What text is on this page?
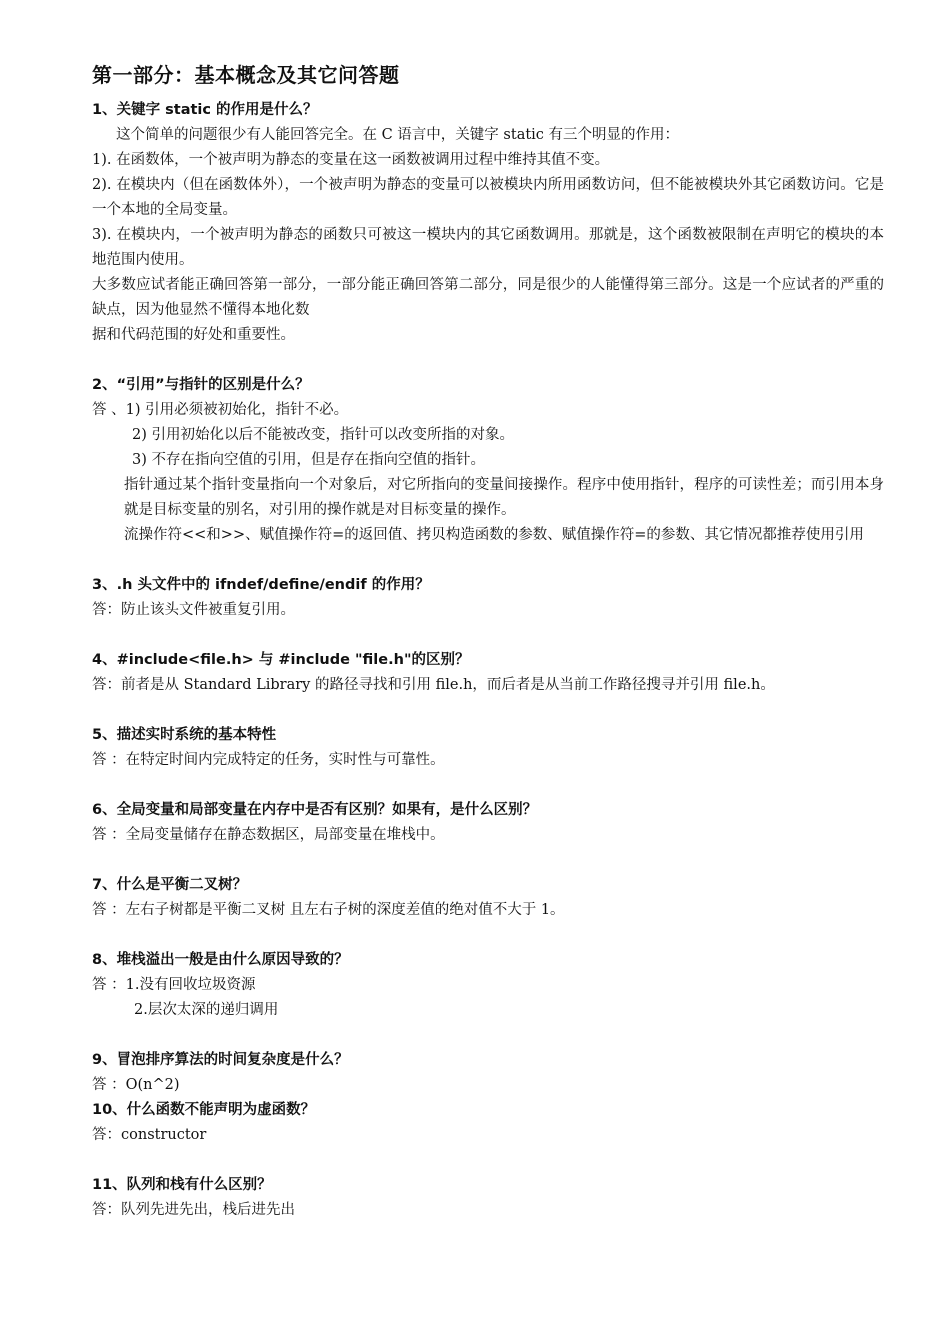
第一部分：基本概念及其它问答题

1、关键字 static 的作用是什么？

这个简单的问题很少有人能回答完全。在 C 语言中，关键字 static 有三个明显的作用：

1). 在函数体，一个被声明为静态的变量在这一函数被调用过程中维持其值不变。

2). 在模块内（但在函数体外），一个被声明为静态的变量可以被模块内所用函数访问，但不能被模块外其它函数访问。它是一个本地的全局变量。

3). 在模块内，一个被声明为静态的函数只可被这一模块内的其它函数调用。那就是，这个函数被限制在声明它的模块的本地范围内使用。

大多数应试者能正确回答第一部分，一部分能正确回答第二部分，同是很少的人能懂得第三部分。这是一个应试者的严重的缺点，因为他显然不懂得本地化数

据和代码范围的好处和重要性。

2、“引用”与指针的区别是什么？

答 、1) 引用必须被初始化，指针不必。

2) 引用初始化以后不能被改变，指针可以改变所指的对象。

3) 不存在指向空值的引用，但是存在指向空值的指针。

指针通过某个指针变量指向一个对象后，对它所指向的变量间接操作。程序中使用指针，程序的可读性差；而引用本身就是目标变量的别名，对引用的操作就是对目标变量的操作。

流操作符<<和>>、赋值操作符=的返回值、拷贝构造函数的参数、赋值操作符=的参数、其它情况都推荐使用引用

3、.h 头文件中的 ifndef/define/endif 的作用？

答：防止该头文件被重复引用。

4、#include<file.h> 与 #include "file.h"的区别？

答：前者是从 Standard Library 的路径寻找和引用 file.h，而后者是从当前工作路径搜寻并引用 file.h。

5、描述实时系统的基本特性

答 ：在特定时间内完成特定的任务，实时性与可靠性。

6、全局变量和局部变量在内存中是否有区别？如果有，是什么区别？

答 ：全局变量储存在静态数据区，局部变量在堆栈中。

7、什么是平衡二叉树？

答 ：左右子树都是平衡二叉树 且左右子树的深度差值的绝对值不大于 1。

8、堆栈溢出一般是由什么原因导致的？

答 ：1.没有回收垃圾资源

2.层次太深的递归调用

9、冒泡排序算法的时间复杂度是什么？

答 ：O(n^2)

10、什么函数不能声明为虚函数？

答：constructor

11、队列和栈有什么区别？

答：队列先进先出，栈后进先出
